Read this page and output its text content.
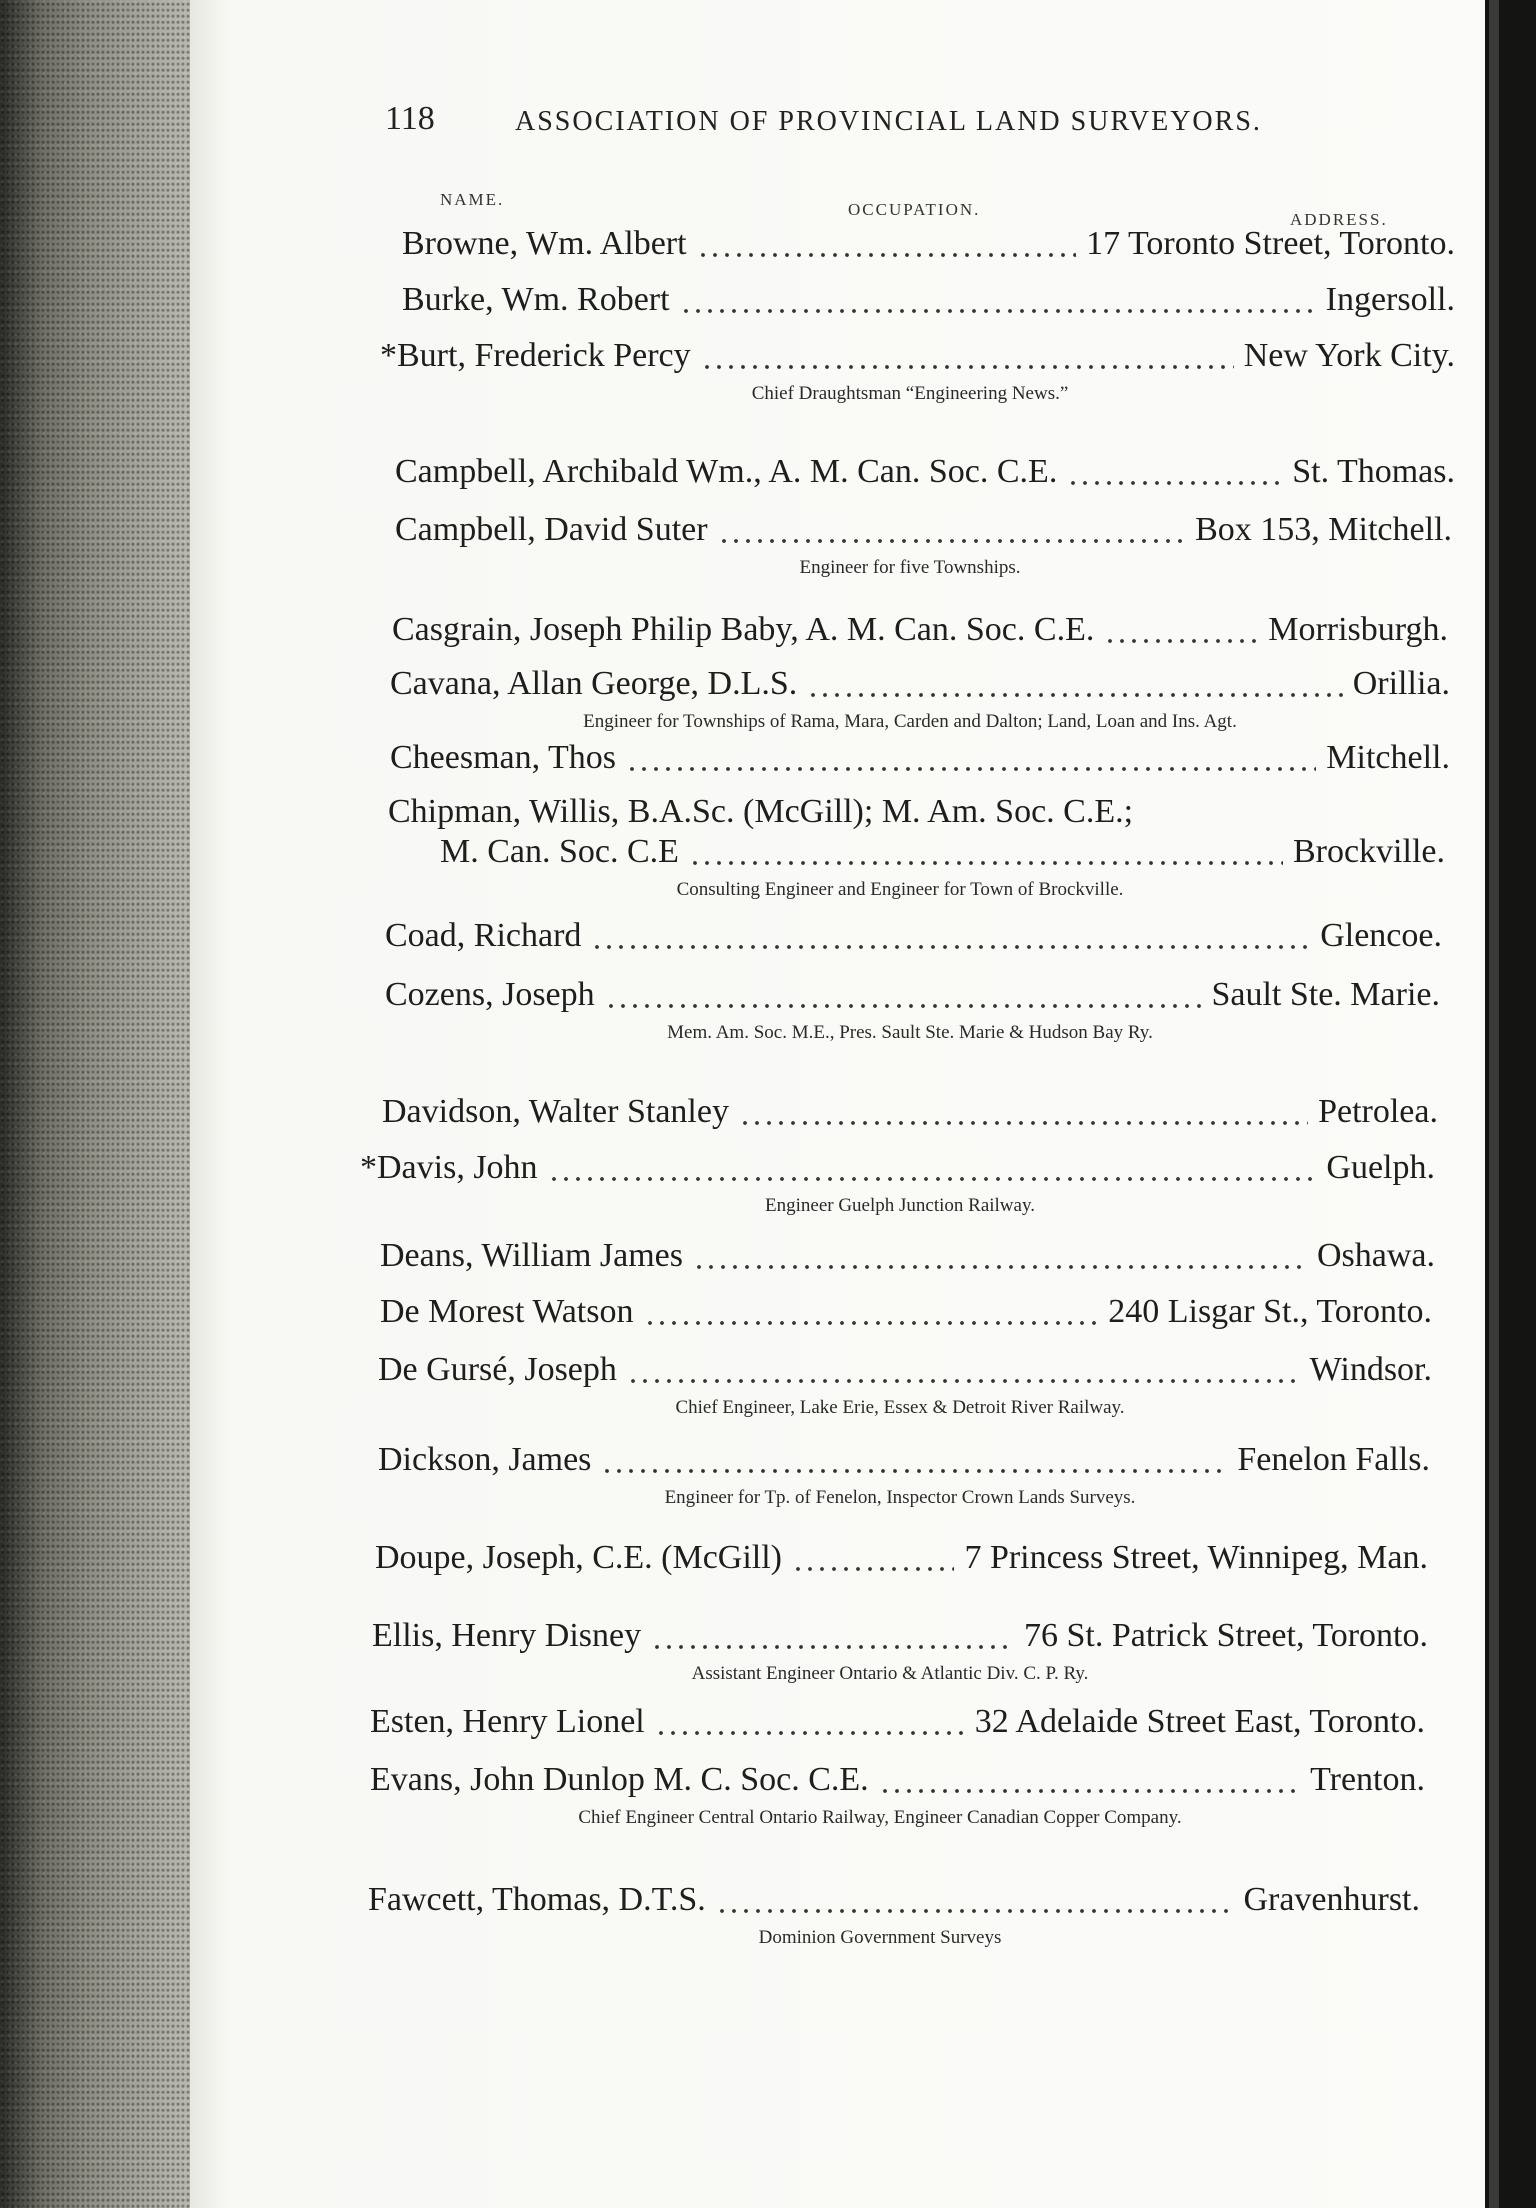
118	ASSOCIATION OF PROVINCIAL LAND SURVEYORS.
NAME.
OCCUPATION.
ADDRESS.
Browne, Wm. Albert	17 Toronto Street, Toronto.
Burke, Wm. Robert	Ingersoll.
*Burt, Frederick Percy	New York City.
Chief Draughtsman “Engineering News.”
Campbell, Archibald Wm., A. M. Can. Soc. C.E.	St. Thomas.
Campbell, David Suter	Box 153, Mitchell.
Engineer for five Townships.
Casgrain, Joseph Philip Baby, A. M. Can. Soc. C.E.	Morrisburgh.
Cavana, Allan George, D.L.S.	Orillia.
Engineer for Townships of Rama, Mara, Carden and Dalton; Land, Loan and Ins. Agt.
Cheesman, Thos	Mitchell.
Chipman, Willis, B.A.Sc. (McGill); M. Am. Soc. C.E.;
M. Can. Soc. C.E	Brockville.
Consulting Engineer and Engineer for Town of Brockville.
Coad, Richard	Glencoe.
Cozens, Joseph	Sault Ste. Marie.
Mem. Am. Soc. M.E., Pres. Sault Ste. Marie & Hudson Bay Ry.
Davidson, Walter Stanley	Petrolea.
*Davis, John	Guelph.
Engineer Guelph Junction Railway.
Deans, William James	Oshawa.
De Morest Watson	240 Lisgar St., Toronto.
De Gursé, Joseph	Windsor.
Chief Engineer, Lake Erie, Essex & Detroit River Railway.
Dickson, James	Fenelon Falls.
Engineer for Tp. of Fenelon, Inspector Crown Lands Surveys.
Doupe, Joseph, C.E. (McGill)	7 Princess Street, Winnipeg, Man.
Ellis, Henry Disney	76 St. Patrick Street, Toronto.
Assistant Engineer Ontario & Atlantic Div. C. P. Ry.
Esten, Henry Lionel	32 Adelaide Street East, Toronto.
Evans, John Dunlop M. C. Soc. C.E.	Trenton.
Chief Engineer Central Ontario Railway, Engineer Canadian Copper Company.
Fawcett, Thomas, D.T.S.	Gravenhurst.
Dominion Government Surveys
